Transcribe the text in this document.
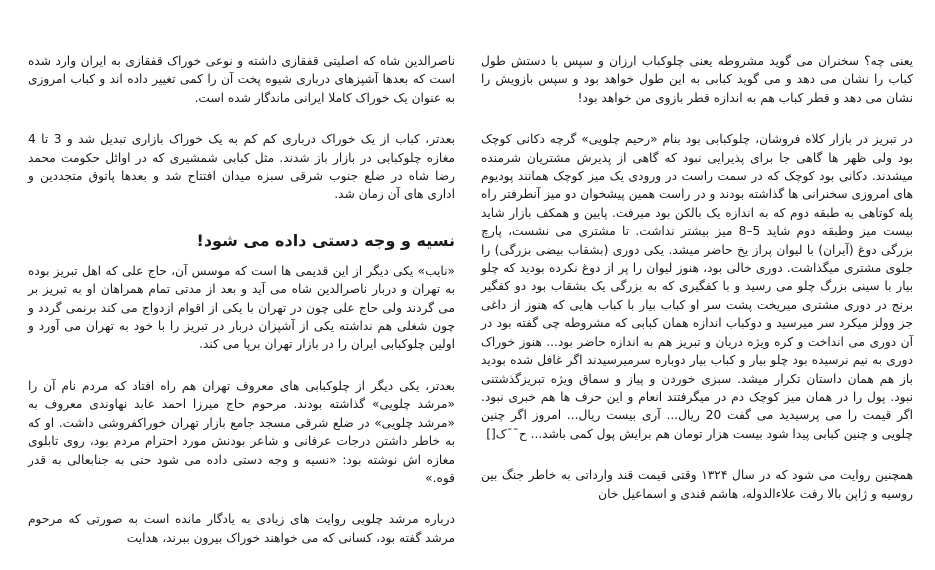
یعنی چه؟ سخنران می گوید مشروطه یعنی چلوکباب ارزان و سپس با دستش طول کباب را نشان می دهد و می گوید کبابی به این طول خواهد بود و سپس بازویش را نشان می دهد و قطر کباب هم به اندازه قطر بازوی من خواهد بود!

در تبریز در بازار کلاه فروشان، چلوکبابی بود بنام «رحیم چلویی» گرچه دکانی کوچک بود ولی ظهر ها گاهی جا برای پذیرایی نبود که گاهی از پذیرش مشتریان شرمنده میشدند. دکانی بود کوچک که در سمت راست در ورودی یک میز کوچک همانند پودیوم های امروزی سخنرانی ها گذاشته بودند و در راست همین پیشخوان دو میز آنطرفتر راه پله کوتاهی به طبقه دوم که به اندازه یک بالکن بود میرفت. پایین و همکف بازار شاید بیست میز وطبقه دوم شاید 5–8 میز بیشتر نداشت. تا مشتری می نشست، پارچ بزرگی دوغ (آیران) با لیوان پراز یخ حاضر میشد. یکی دوری (بشقاب بیضی بزرگی) را جلوی مشتری میگذاشت. دوری خالی بود، هنوز لیوان را پر از دوغ نکرده بودید که چلو بیار با سینی بزرگ چلو می رسید و با کفگیری که به بزرگی یک بشقاب بود دو کفگیر برنج در دوری مشتری میریخت پشت سر او کباب بیار با کباب هایی که هنوز از داغی جز وولز میکرد سر میرسید و دوکباب اندازه همان کبابی که مشروطه چی گفته بود در آن دوری می انداخت و کره ویژه دریان و تبریز هم به اندازه حاضر بود... هنوز خوراک دوری به نیم نرسیده بود چلو بیار و کباب بیار دوباره سرمیرسیدند اگر غافل شده بودید باز هم همان داستان تکرار میشد. سبزی خوردن و پیاز و سماق ویژه تبریزگذشتنی نبود. پول را در همان میز کوچک دم در میگرفتند انعام و این حرف ها هم خبری نبود. اگر قیمت را می پرسیدید می گفت 20 ریال... آری بیست ریال... امروز اگر چنین چلویی و چنین کبابی پیدا شود بیست هزار تومان هم برایش پول کمی باشد... ح¯¯ک[]

همچنین روایت می شود که در سال ۱۳۲۴ وقتی قیمت قند وارداتی به خاطر جنگ بین روسیه و ژاپن بالا رفت علاءالدوله، هاشم قندی و اسماعیل خان

ناصرالدین شاه که اصلیتی قفقازی داشته و نوعی خوراک قفقازی به ایران وارد شده است که بعدها آشپزهای درباری شیوه پخت آن را کمی تغییر داده اند و کباب امروزی به عنوان یک خوراک کاملا ایرانی ماندگار شده است.

بعدتر، کباب از یک خوراک درباری کم کم به یک خوراک بازاری تبدیل شد و 3 تا 4 مغازه چلوکبابی در بازار باز شدند. مثل کبابی شمشیری که در اوائل حکومت محمد رضا شاه در ضلع جنوب شرقی سبزه میدان افتتاح شد و بعدها پاتوق متجددین و اداری های آن زمان شد.

نسیه و وجه دستی داده می شود!

«نایب» یکی دیگر از این قدیمی ها است که موسس آن، حاج علی که اهل تبریز بوده به تهران و دربار ناصرالدین شاه می آید و بعد از مدتی تمام همراهان او به تبریز بر می گردند ولی حاج علی چون در تهران با یکی از اقوام ازدواج می کند برنمی گردد و چون شغلی هم نداشته یکی از آشپزان دربار در تبریز را با خود به تهران می آورد و اولین چلوکبابی ایران را در بازار تهران برپا می کند.

بعدتر، یکی دیگر از چلوکبابی های معروف تهران هم راه افتاد که مردم نام آن را «مرشد چلویی» گذاشته بودند. مرحوم حاج میرزا احمد عابد نهاوندی معروف به «مرشد چلویی» در ضلع شرقی مسجد جامع بازار تهران خوراکفروشی داشت. او که به خاطر داشتن درجات عرفانی و شاعر بودنش مورد احترام مردم بود، روی تابلوی مغازه اش نوشته بود: «نسیه و وجه دستی داده می شود حتی به جنابعالی به قدر قوه.»

درباره مرشد چلویی روایت های زیادی به یادگار مانده است به صورتی که مرحوم مرشد گفته بود، کسانی که می خواهند خوراک بیرون ببرند، هدایت
